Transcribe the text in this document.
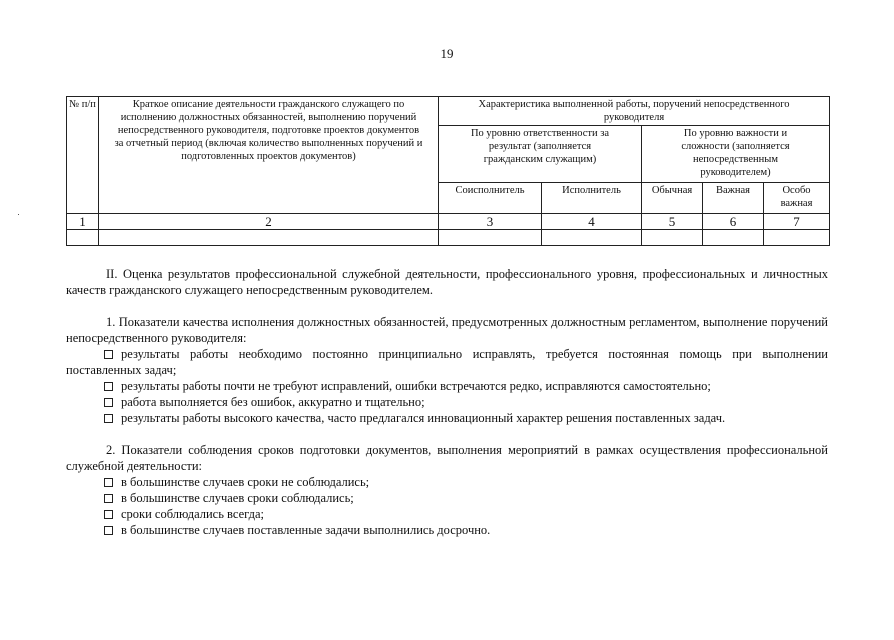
19
№ п/п	Краткое описание деятельности гражданского служащего по исполнению должностных обязанностей, выполнению поручений непосредственного руководителя, подготовке проектов документов за отчетный период (включая количество выполненных поручений и подготовленных проектов документов)	Характеристика выполненной работы, поручений непосредственного руководителя				
		По уровню ответственности за результат (заполняется гражданским служащим)		По уровню важности и сложности (заполняется непосредственным руководителем)		
		Соисполнитель	Исполнитель	Обычная	Важная	Особо важная
1	2	3	4	5	6	7

II. Оценка результатов профессиональной служебной деятельности, профессионального уровня, профессиональных и личностных качеств гражданского служащего непосредственным руководителем.

1. Показатели качества исполнения должностных обязанностей, предусмотренных должностным регламентом, выполнение поручений непосредственного руководителя:

результаты работы необходимо постоянно принципиально исправлять, требуется постоянная помощь при выполнении поставленных задач;

результаты работы почти не требуют исправлений, ошибки встречаются редко, исправляются самостоятельно;

работа выполняется без ошибок, аккуратно и тщательно;

результаты работы высокого качества, часто предлагался инновационный характер решения поставленных задач.

2. Показатели соблюдения сроков подготовки документов, выполнения мероприятий в рамках осуществления профессиональной служебной деятельности:

в большинстве случаев сроки не соблюдались;

в большинстве случаев сроки соблюдались;

сроки соблюдались всегда;

в большинстве случаев поставленные задачи выполнились досрочно.
